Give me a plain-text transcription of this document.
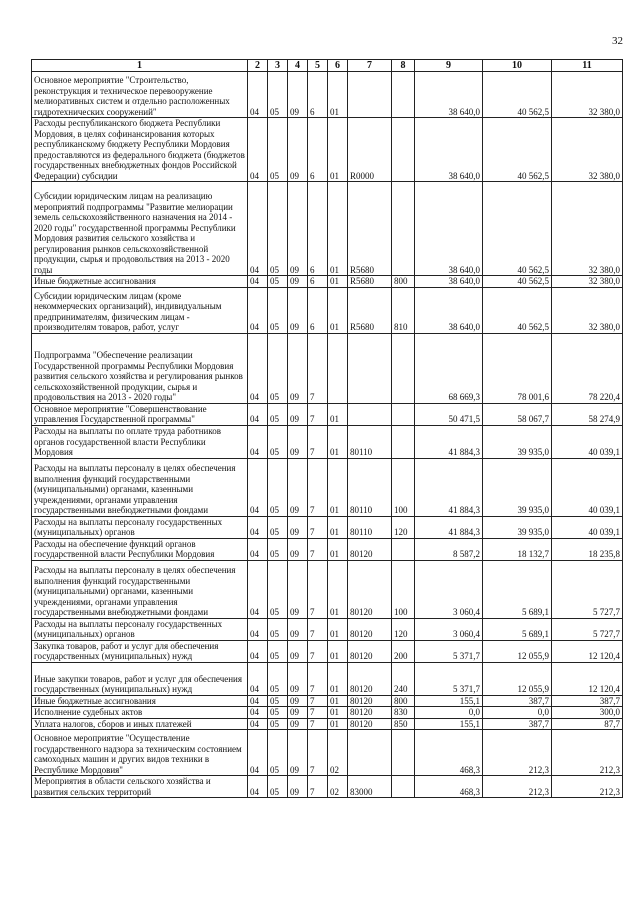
32
1	2	3	4	5	6	7	8	9	10	11
Основное мероприятие "Строительство, реконструкция и техническое перевооружение мелиоративных систем и отдельно расположенных гидротехнических сооружений"	04	05	09	6	01			38 640,0	40 562,5	32 380,0
Расходы республиканского бюджета Республики Мордовия, в целях софинансирования которых республиканскому бюджету Республики Мордовия предоставляются из федерального бюджета (бюджетов государственных внебюджетных фондов Российской Федерации) субсидии	04	05	09	6	01	R0000		38 640,0	40 562,5	32 380,0
Субсидии юридическим лицам на реализацию мероприятий подпрограммы "Развитие мелиорации земель сельскохозяйственного назначения на 2014 - 2020 годы" государственной программы Республики Мордовия развития сельского хозяйства и регулирования рынков сельскохозяйственной продукции, сырья и продовольствия на 2013 - 2020 годы	04	05	09	6	01	R5680		38 640,0	40 562,5	32 380,0
Иные бюджетные ассигнования	04	05	09	6	01	R5680	800	38 640,0	40 562,5	32 380,0
Субсидии юридическим лицам (кроме некоммерческих организаций), индивидуальным предпринимателям, физическим лицам - производителям товаров, работ, услуг	04	05	09	6	01	R5680	810	38 640,0	40 562,5	32 380,0
Подпрограмма "Обеспечение реализации Государственной программы Республики Мордовия развития сельского хозяйства и регулирования рынков сельскохозяйственной продукции, сырья и продовольствия на 2013 - 2020 годы"	04	05	09	7				68 669,3	78 001,6	78 220,4
Основное мероприятие "Совершенствование управления Государственной программы"	04	05	09	7	01			50 471,5	58 067,7	58 274,9
Расходы на выплаты по оплате труда работников органов государственной власти Республики Мордовия	04	05	09	7	01	80110		41 884,3	39 935,0	40 039,1
Расходы на выплаты персоналу в целях обеспечения выполнения функций государственными (муниципальными) органами, казенными учреждениями, органами управления государственными внебюджетными фондами	04	05	09	7	01	80110	100	41 884,3	39 935,0	40 039,1
Расходы на выплаты персоналу государственных (муниципальных) органов	04	05	09	7	01	80110	120	41 884,3	39 935,0	40 039,1
Расходы на обеспечение функций органов государственной власти Республики Мордовия	04	05	09	7	01	80120		8 587,2	18 132,7	18 235,8
Расходы на выплаты персоналу в целях обеспечения выполнения функций государственными (муниципальными) органами, казенными учреждениями, органами управления государственными внебюджетными фондами	04	05	09	7	01	80120	100	3 060,4	5 689,1	5 727,7
Расходы на выплаты персоналу государственных (муниципальных) органов	04	05	09	7	01	80120	120	3 060,4	5 689,1	5 727,7
Закупка товаров, работ и услуг для обеспечения государственных (муниципальных) нужд	04	05	09	7	01	80120	200	5 371,7	12 055,9	12 120,4
Иные закупки товаров, работ и услуг для обеспечения государственных (муниципальных) нужд	04	05	09	7	01	80120	240	5 371,7	12 055,9	12 120,4
Иные бюджетные ассигнования	04	05	09	7	01	80120	800	155,1	387,7	387,7
Исполнение судебных актов	04	05	09	7	01	80120	830	0,0	0,0	300,0
Уплата налогов, сборов и иных платежей	04	05	09	7	01	80120	850	155,1	387,7	87,7
Основное мероприятие "Осуществление государственного надзора за техническим состоянием самоходных машин и других видов техники в Республике Мордовия"	04	05	09	7	02			468,3	212,3	212,3
Мероприятия в области сельского хозяйства и развития сельских территорий	04	05	09	7	02	83000		468,3	212,3	212,3
